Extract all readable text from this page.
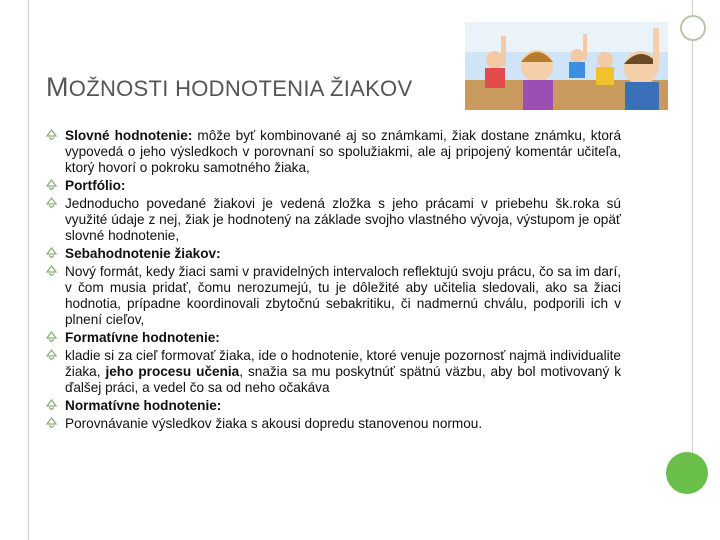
MOŽNOSTI HODNOTENIA ŽIAKOV
Slovné hodnotenie: môže byť kombinované aj so známkami, žiak dostane známku, ktorá vypovedá o jeho výsledkoch v porovnaní so spolužiakmi, ale aj pripojený komentár učiteľa, ktorý hovorí o pokroku samotného žiaka,
Portfólio:
Jednoducho povedané žiakovi je vedená zložka s jeho prácami v priebehu šk.roka sú využité údaje z nej, žiak je hodnotený na základe svojho vlastného vývoja, výstupom je opäť slovné hodnotenie,
Sebahodnotenie žiakov:
Nový formát, kedy žiaci sami v pravidelných intervaloch reflektujú svoju prácu, čo sa im darí, v čom musia pridať, čomu nerozumejú, tu je dôležité aby učitelia sledovali, ako sa žiaci hodnotia, prípadne koordinovali zbytočnú sebakritiku, či nadmernú chválu, podporili ich v plnení cieľov,
Formatívne hodnotenie:
kladie si za cieľ formovať žiaka, ide o hodnotenie, ktoré venuje pozornosť najmä individualite žiaka, jeho procesu učenia, snažia sa mu poskytnúť spätnú väzbu, aby bol motivovaný k ďalšej práci, a vedel čo sa od neho očakáva
Normatívne hodnotenie:
Porovnávanie výsledkov žiaka s akousi dopredu stanovenou normou.
